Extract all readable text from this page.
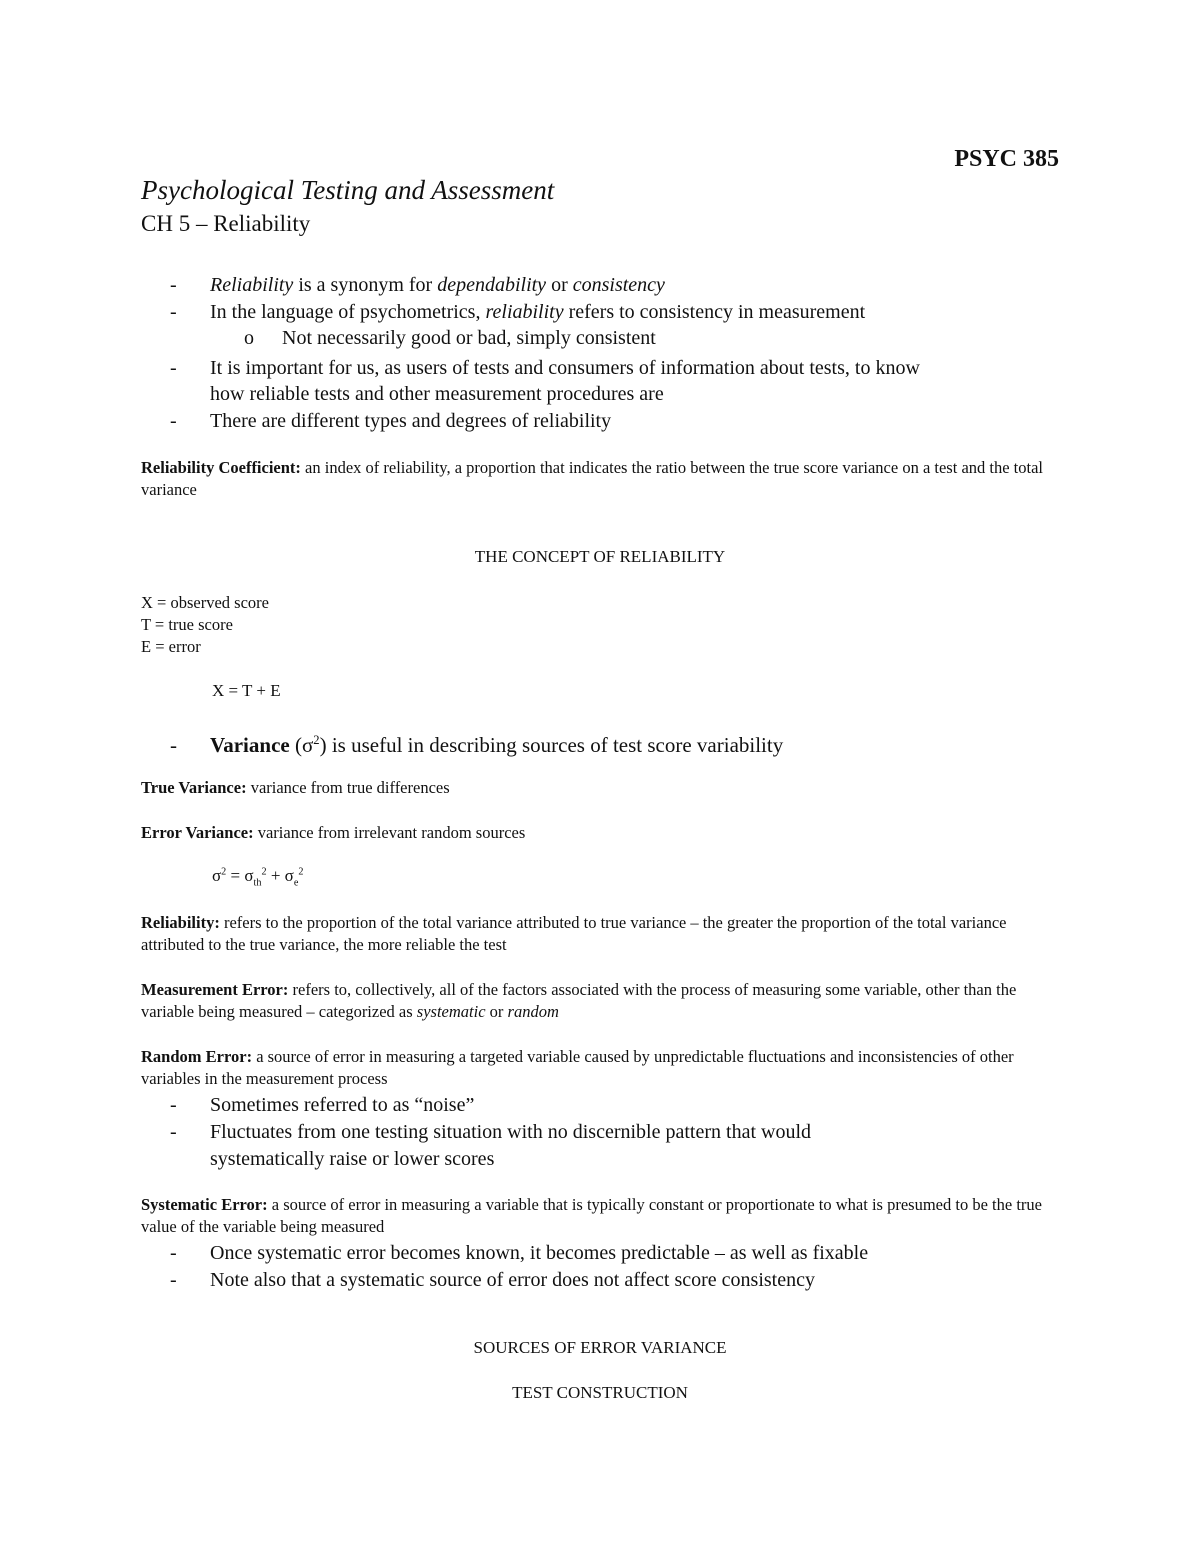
PSYC 385
Psychological Testing and Assessment
CH 5 – Reliability
- Reliability is a synonym for dependability or consistency
- In the language of psychometrics, reliability refers to consistency in measurement
o Not necessarily good or bad, simply consistent
- It is important for us, as users of tests and consumers of information about tests, to know
how reliable tests and other measurement procedures are
- There are different types and degrees of reliability
Reliability Coefficient: an index of reliability, a proportion that indicates the ratio between the true score variance on a test and the total variance
THE CONCEPT OF RELIABILITY
X = observed score
T = true score
E = error
X = T + E
- Variance $(\sigma^2)$ is useful in describing sources of test score variability
True Variance: variance from true differences
Error Variance: variance from irrelevant random sources
$\sigma^2 = \sigma_{th}^2 + \sigma_e^2$
Reliability: refers to the proportion of the total variance attributed to true variance – the greater the proportion of the total variance attributed to the true variance, the more reliable the test
Measurement Error: refers to, collectively, all of the factors associated with the process of measuring some variable, other than the variable being measured – categorized as systematic or random
Random Error: a source of error in measuring a targeted variable caused by unpredictable fluctuations and inconsistencies of other variables in the measurement process
- Sometimes referred to as “noise”
- Fluctuates from one testing situation with no discernible pattern that would
systematically raise or lower scores
Systematic Error: a source of error in measuring a variable that is typically constant or proportionate to what is presumed to be the true value of the variable being measured
- Once systematic error becomes known, it becomes predictable – as well as fixable
- Note also that a systematic source of error does not affect score consistency
SOURCES OF ERROR VARIANCE
TEST CONSTRUCTION
